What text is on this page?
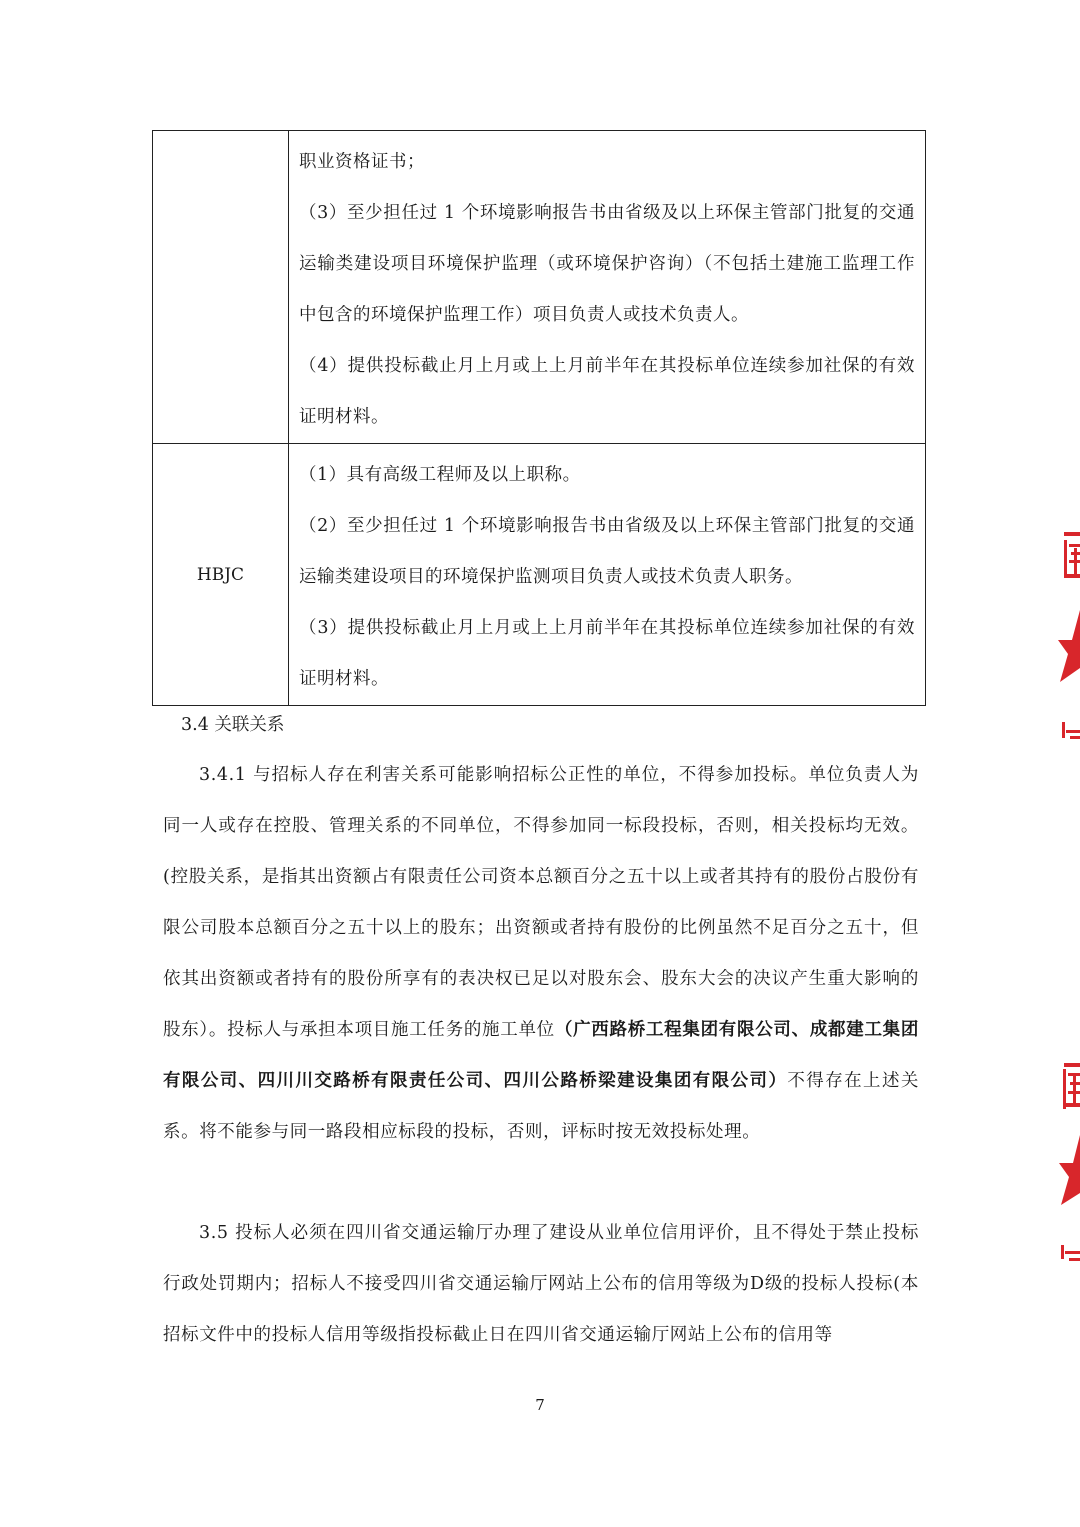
	职业资格证书；

（3）至少担任过 1 个环境影响报告书由省级及以上环保主管部门批复的交通运输类建设项目环境保护监理（或环境保护咨询）（不包括土建施工监理工作中包含的环境保护监理工作）项目负责人或技术负责人。

（4）提供投标截止月上月或上上月前半年在其投标单位连续参加社保的有效证明材料。

HBJC	（1）具有高级工程师及以上职称。

（2）至少担任过 1 个环境影响报告书由省级及以上环保主管部门批复的交通运输类建设项目的环境保护监测项目负责人或技术负责人职务。

（3）提供投标截止月上月或上上月前半年在其投标单位连续参加社保的有效证明材料。

3.4 关联关系

3.4.1 与招标人存在利害关系可能影响招标公正性的单位，不得参加投标。单位负责人为同一人或存在控股、管理关系的不同单位，不得参加同一标段投标，否则，相关投标均无效。(控股关系，是指其出资额占有限责任公司资本总额百分之五十以上或者其持有的股份占股份有限公司股本总额百分之五十以上的股东；出资额或者持有股份的比例虽然不足百分之五十，但依其出资额或者持有的股份所享有的表决权已足以对股东会、股东大会的决议产生重大影响的股东）。投标人与承担本项目施工任务的施工单位（广西路桥工程集团有限公司、成都建工集团有限公司、四川川交路桥有限责任公司、四川公路桥梁建设集团有限公司）不得存在上述关系。将不能参与同一路段相应标段的投标，否则，评标时按无效投标处理。

3.5 投标人必须在四川省交通运输厅办理了建设从业单位信用评价，且不得处于禁止投标行政处罚期内；招标人不接受四川省交通运输厅网站上公布的信用等级为D级的投标人投标(本招标文件中的投标人信用等级指投标截止日在四川省交通运输厅网站上公布的信用等

7
